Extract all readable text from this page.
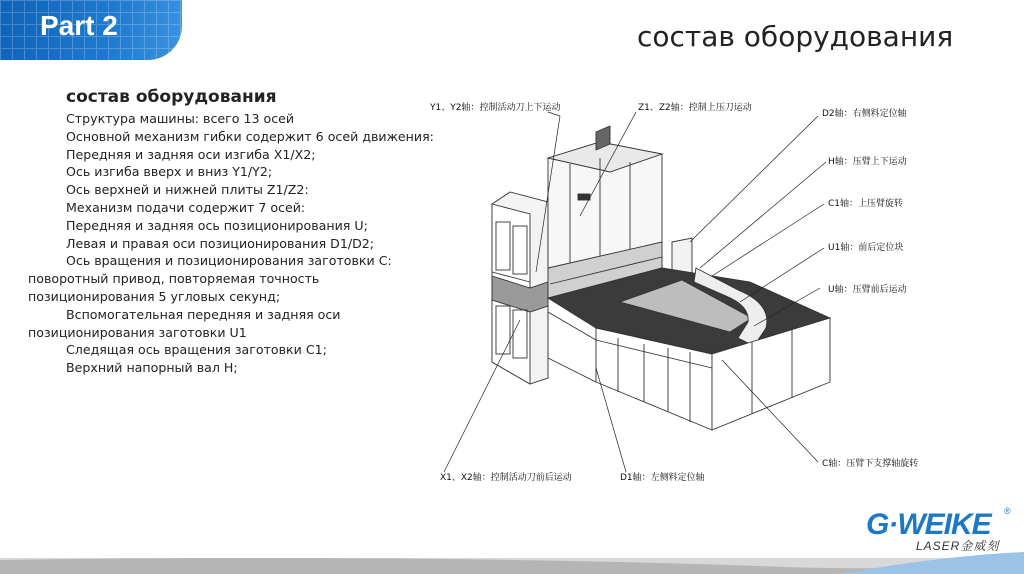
Part 2	состав оборудования
состав оборудования
Структура машины: всего 13 осей
Основной механизм гибки содержит 6 осей движения:
Передняя и задняя оси изгиба X1/X2;
Ось изгиба вверх и вниз Y1/Y2;
Ось верхней и нижней плиты Z1/Z2:
Механизм подачи содержит 7 осей:
Передняя и задняя ось позиционирования U;
Левая и правая оси позиционирования D1/D2;
Ось вращения и позиционирования заготовки C:
поворотный привод, повторяемая точность позиционирования 5 угловых секунд;
Вспомогательная передняя и задняя оси
позиционирования заготовки U1
Следящая ось вращения заготовки C1;
Верхний напорный вал H;
Y1、Y2轴：控制活动刀上下运动	Z1、Z2轴：控制上压刀运动
D2轴：右侧料定位轴
H轴：压臂上下运动
C1轴：上压臂旋转
U1轴：前后定位块
U轴：压臂前后运动
X1、X2轴：控制活动刀前后运动	D1轴：左侧料定位轴
C轴：压臂下支撑轴旋转
G·WEIKE
LASER金威刻
®
